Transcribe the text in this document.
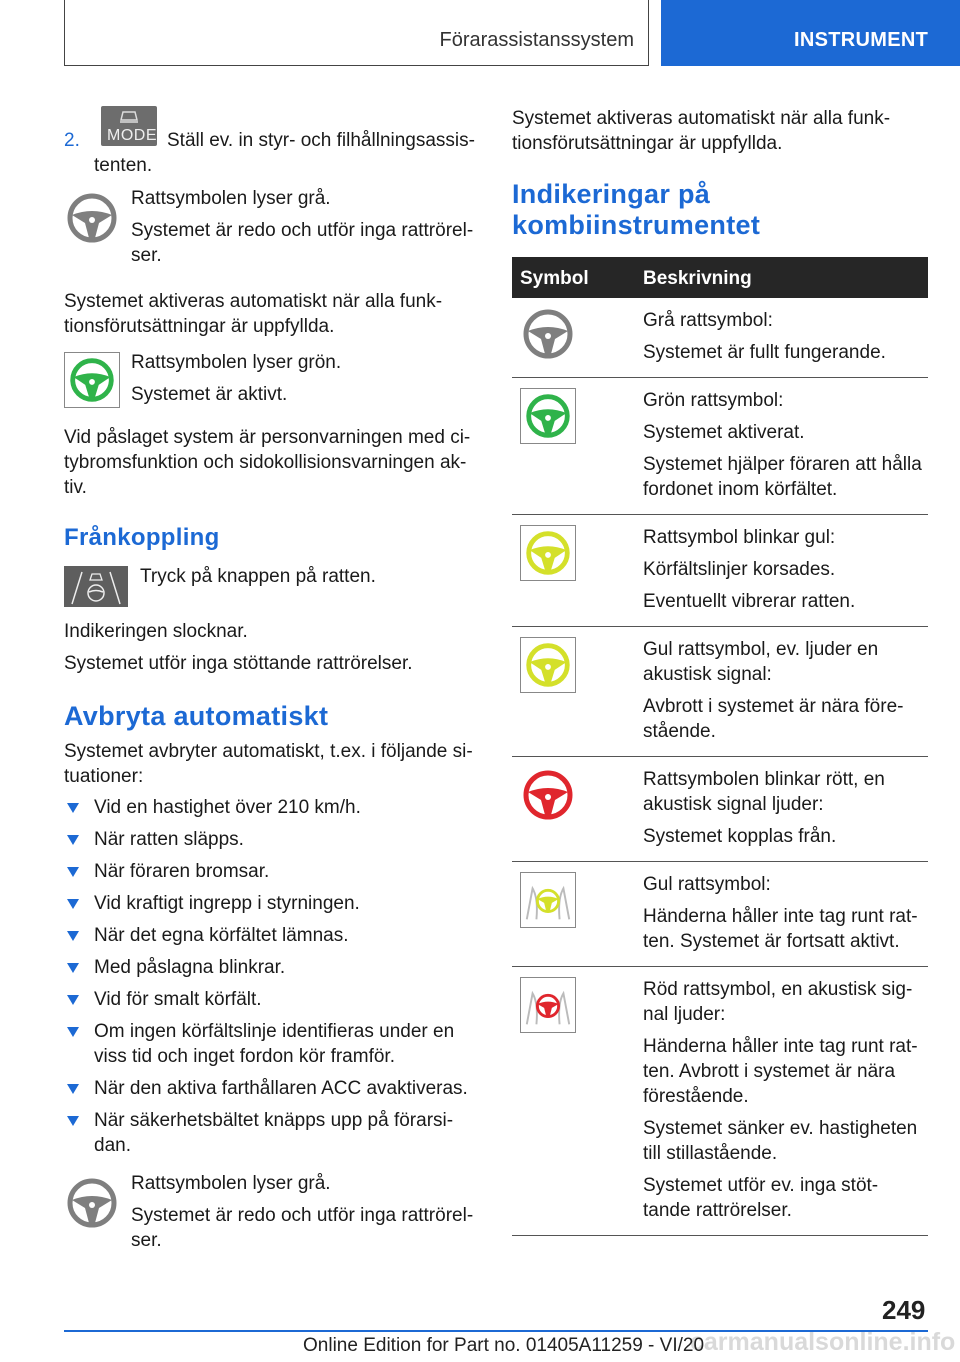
Förarassistanssystem	INSTRUMENT
2. MODE Ställ ev. in styr- och filhållningsassis-

tenten.

Rattsymbolen lyser grå.

Systemet är redo och utför inga rattrörel-

ser.

Systemet aktiveras automatiskt när alla funk-

tionsförutsättningar är uppfyllda.

Rattsymbolen lyser grön.

Systemet är aktivt.

Vid påslaget system är personvarningen med ci-

tybromsfunktion och sidokollisionsvarningen ak-

tiv.

Frånkoppling

Tryck på knappen på ratten.

Indikeringen slocknar.

Systemet utför inga stöttande rattrörelser.

Avbryta automatiskt

Systemet avbryter automatiskt, t.ex. i följande si-

tuationer:

Vid en hastighet över 210 km/h.
När ratten släpps.
När föraren bromsar.
Vid kraftigt ingrepp i styrningen.
När det egna körfältet lämnas.
Med påslagna blinkrar.
Vid för smalt körfält.
Om ingen körfältslinje identifieras under en viss tid och inget fordon kör framför.
När den aktiva farthållaren ACC avaktiveras.
När säkerhetsbältet knäpps upp på förarsi- dan.

Rattsymbolen lyser grå.

Systemet är redo och utför inga rattrörel-

ser.

Systemet aktiveras automatiskt när alla funk-

tionsförutsättningar är uppfyllda.

Indikeringar på
kombiinstrumentet
Symbol	Beskrivning

Grå rattsymbol:

Systemet är fullt fungerande.

Grön rattsymbol:

Systemet aktiverat.

Systemet hjälper föraren att hålla fordonet inom körfältet.

Rattsymbol blinkar gul:

Körfältslinjer korsades.

Eventuellt vibrerar ratten.

Gul rattsymbol, ev. ljuder en akustisk signal:

Avbrott i systemet är nära före- stående.

Rattsymbolen blinkar rött, en akustisk signal ljuder:

Systemet kopplas från.

Gul rattsymbol:

Händerna håller inte tag runt rat- ten. Systemet är fortsatt aktivt.

Röd rattsymbol, en akustisk sig- nal ljuder:

Händerna håller inte tag runt rat- ten. Avbrott i systemet är nära förestående.

Systemet sänker ev. hastigheten till stillastående.

Systemet utför ev. inga stöt- tande rattrörelser.

249
carmanualsonline.info
Online Edition for Part no. 01405A11259 - VI/20
